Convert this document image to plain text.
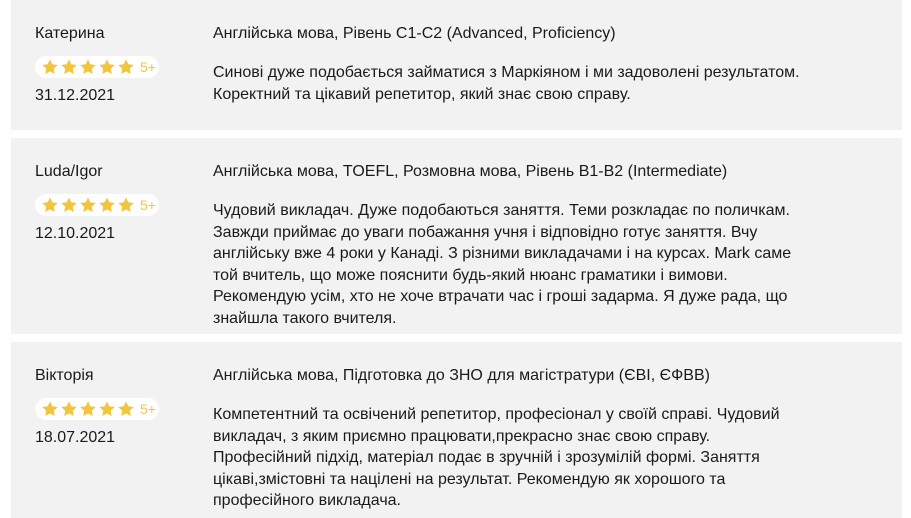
Катерина
5+
31.12.2021
Англійська мова, Рівень С1-С2 (Advanced, Proficiency)
Синові дуже подобається займатися з Маркіяном і ми задоволені результатом.
Коректний та цікавий репетитор, який знає свою справу.
Luda/Igor
5+
12.10.2021
Англійська мова, TOEFL, Розмовна мова, Рівень В1-В2 (Intermediate)
Чудовий викладач. Дуже подобаються заняття. Теми розкладає по поличкам.
Завжди приймає до уваги побажання учня і відповідно готує заняття. Вчу
англійську вже 4 роки у Канаді. З різними викладачами і на курсах. Mark саме
той вчитель, що може пояснити будь-який нюанс граматики і вимови.
Рекомендую усім, хто не хоче втрачати час і гроші задарма. Я дуже рада, що
знайшла такого вчителя.
Вікторія
5+
18.07.2021
Англійська мова, Підготовка до ЗНО для магістратури (ЄВІ, ЄФВВ)
Компетентний та освічений репетитор, професіонал у своїй справі. Чудовий
викладач, з яким приємно працювати,прекрасно знає свою справу.
Професійний підхід, матеріал подає в зручній і зрозумілій формі. Заняття
цікаві,змістовні та націлені на результат. Рекомендую як хорошого та
професійного викладача.
